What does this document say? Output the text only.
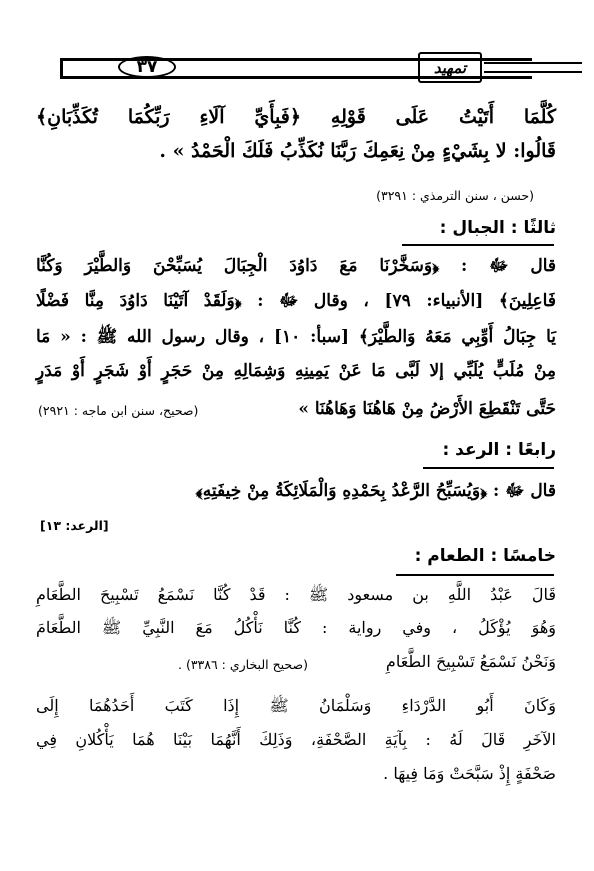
٣٧	تمهيد
كُلَّمَا أَتَيْتُ عَلَى قَوْلِهِ ﴿فَبِأَيِّ آلَاءِ رَبِّكُمَا تُكَذِّبَانِ﴾
قَالُوا: لا بِشَيْءٍ مِنْ نِعَمِكَ رَبَّنَا نُكَذِّبُ فَلَكَ الْحَمْدُ » .
(حسن ، سنن الترمذي : ٣٢٩١)
ثالثًا : الجبال :
قال ﷻ : ﴿وَسَخَّرْنَا مَعَ دَاوُدَ الْجِبَالَ يُسَبِّحْنَ وَالطَّيْرَ وَكُنَّا
فَاعِلِينَ﴾ [الأنبياء: ٧٩] ، وقال ﷻ : ﴿وَلَقَدْ آتَيْنَا دَاوُدَ مِنَّا فَضْلًا
يَا جِبَالُ أَوِّبِي مَعَهُ وَالطَّيْرَ﴾ [سبأ: ١٠] ، وقال رسول الله ﷺ : « مَا
مِنْ مُلَبٍّ يُلَبِّي إلا لَبَّى مَا عَنْ يَمِينِهِ وَشِمَالِهِ مِنْ حَجَرٍ أَوْ شَجَرٍ أَوْ مَدَرٍ
حَتَّى تَنْقَطِعَ الأَرْضُ مِنْ هَاهُنَا وَهَاهُنَا »
(صحيح، سنن ابن ماجه : ٢٩٢١)
رابعًا : الرعد :
قال ﷻ : ﴿وَيُسَبِّحُ الرَّعْدُ بِحَمْدِهِ وَالْمَلَائِكَةُ مِنْ خِيفَتِهِ﴾
[الرعد: ١٣]
خامسًا : الطعام :
قَالَ عَبْدُ اللَّهِ بن مسعود ﷺ : قَدْ كُنَّا نَسْمَعُ تَسْبِيحَ الطَّعَامِ
وَهُوَ يُؤْكَلُ ، وفي رواية : كُنَّا نَأْكُلُ مَعَ النَّبِيِّ ﷺ الطَّعَامَ
وَنَحْنُ نَسْمَعُ تَسْبِيحَ الطَّعَامِ
(صحيح البخاري : ٣٣٨٦) .
وَكَانَ أَبُو الدَّرْدَاءِ وَسَلْمَانُ ﷺ إِذَا كَتَبَ أَحَدُهُمَا إِلَى
الآخَرِ قَالَ لَهُ : بِآيَةِ الصَّحْفَةِ، وَذَلِكَ أَنَّهُمَا بَيْنَا هُمَا يَأْكُلانِ فِي
صَحْفَةٍ إِذْ سَبَّحَتْ وَمَا فِيهَا .
